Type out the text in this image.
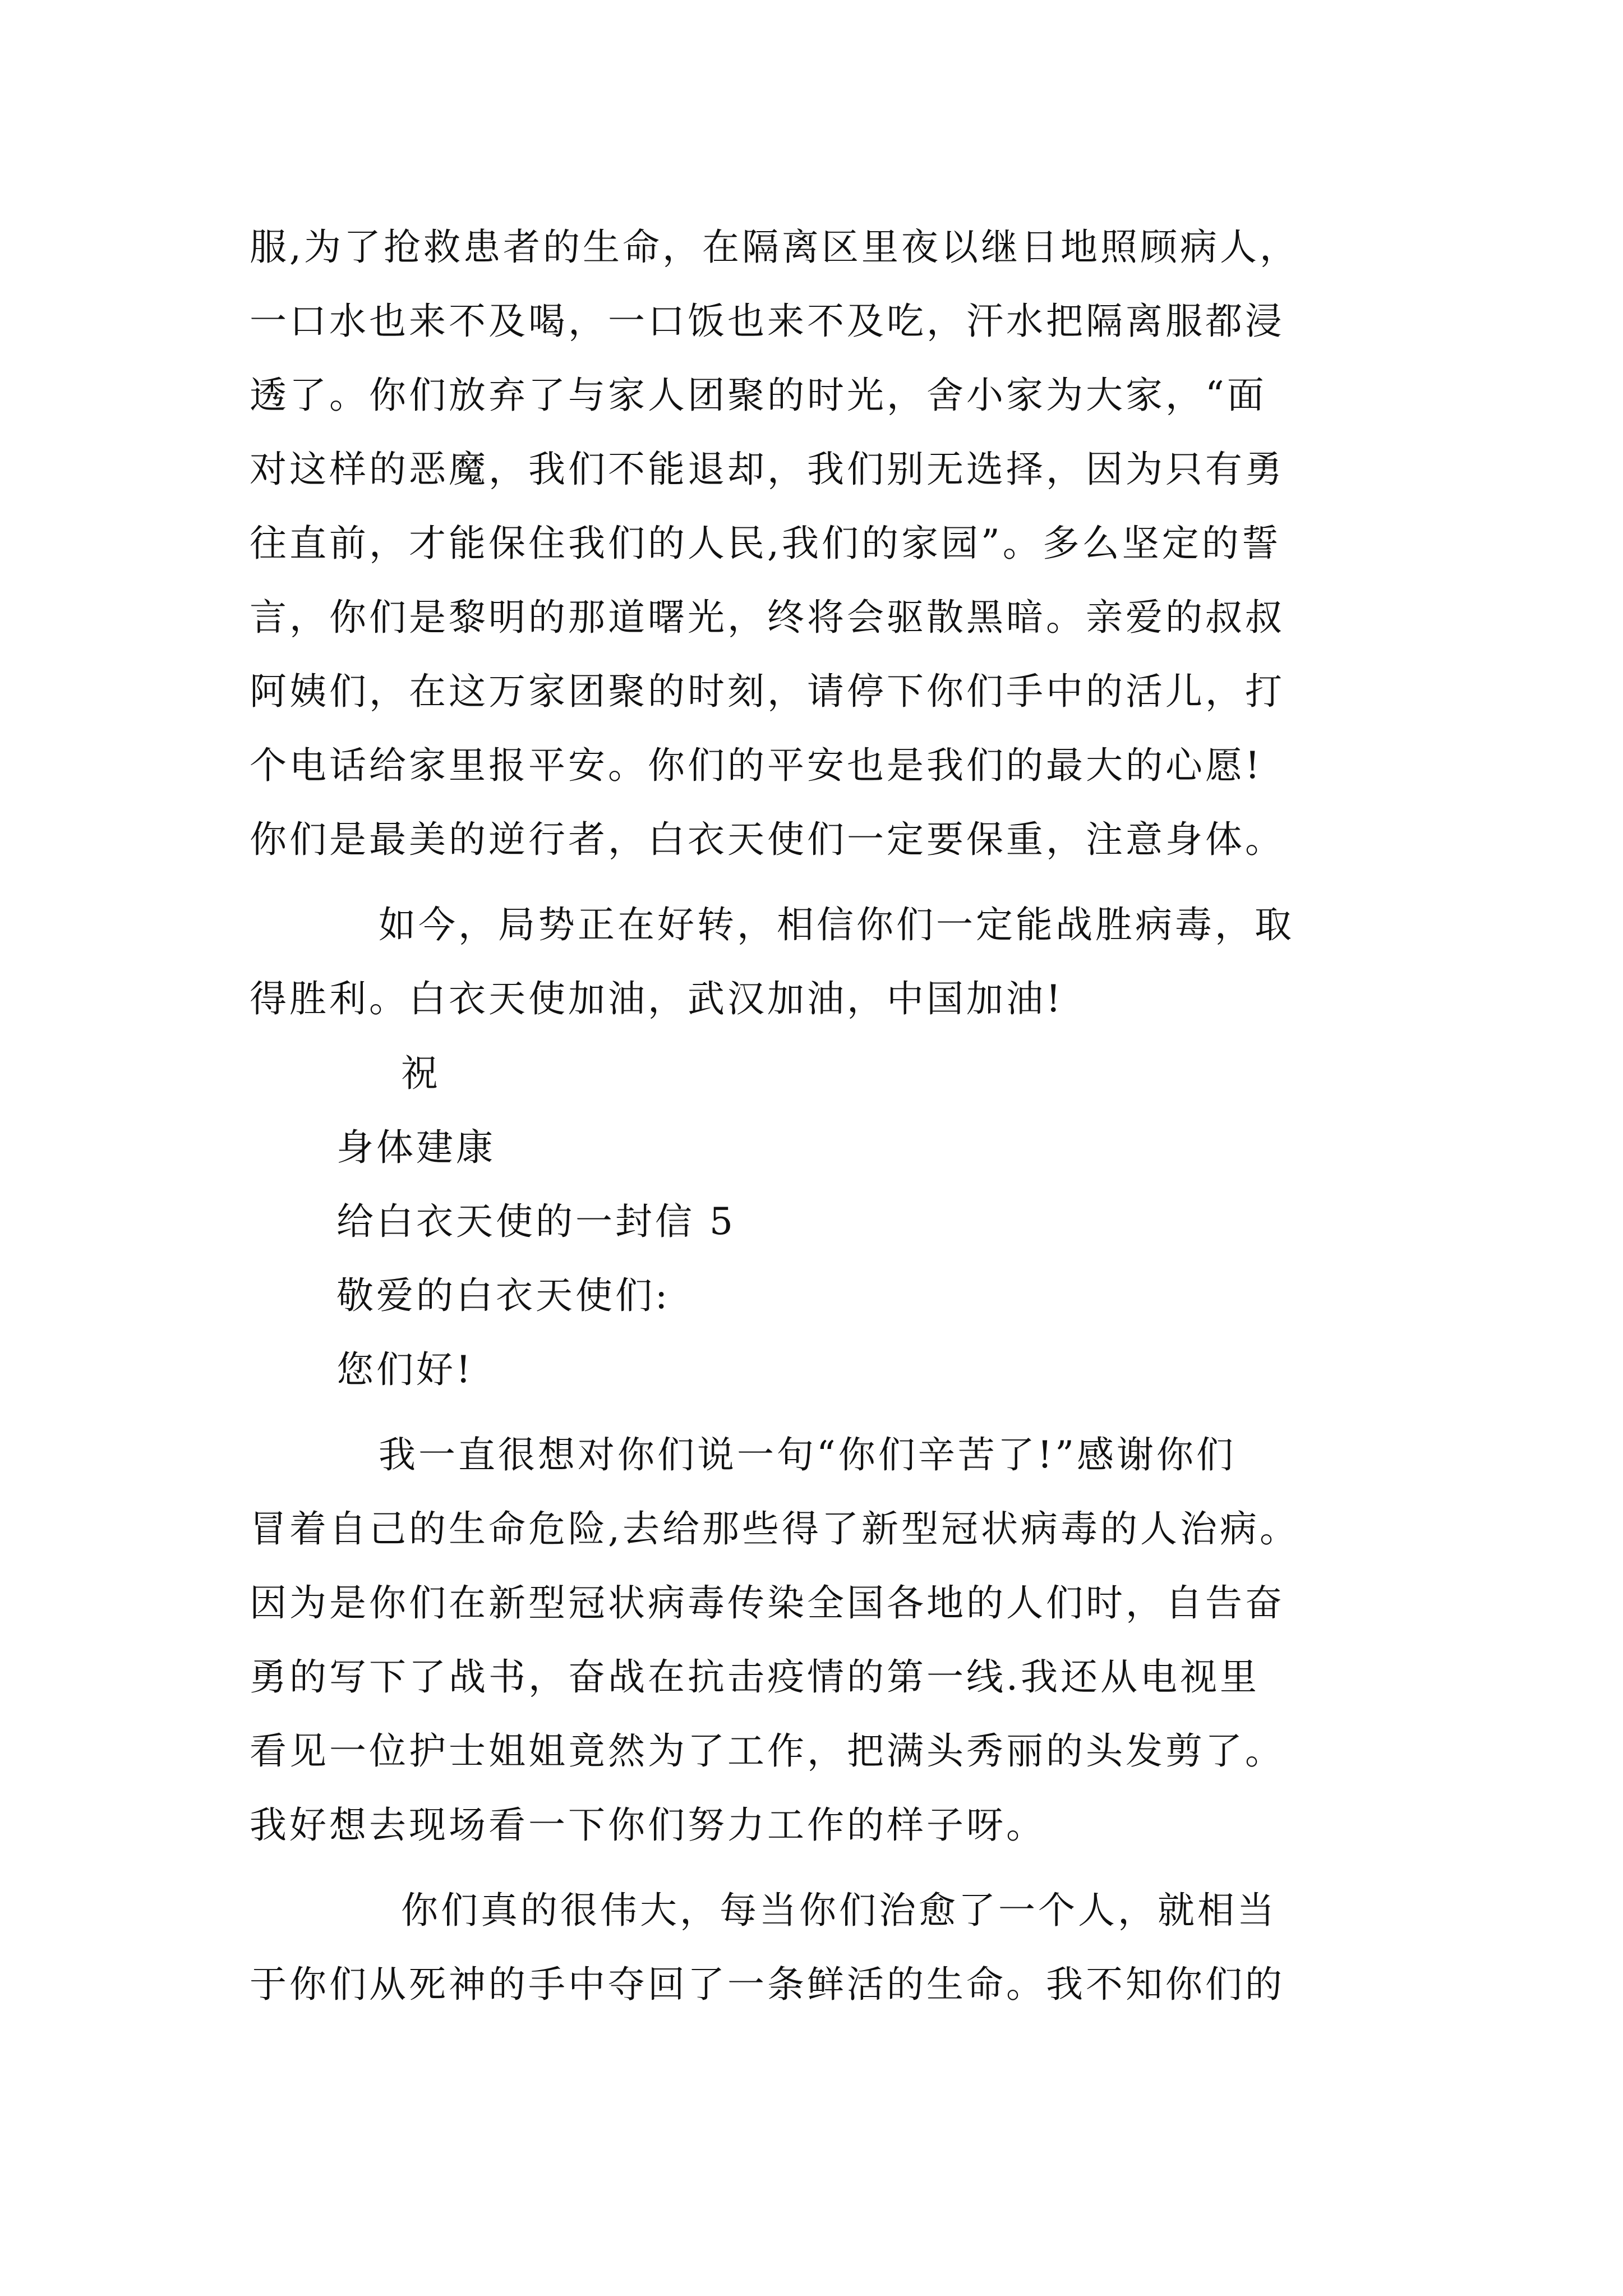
服,为了抢救患者的生命，在隔离区里夜以继日地照顾病人，
一口水也来不及喝，一口饭也来不及吃，汗水把隔离服都浸
透了。你们放弃了与家人团聚的时光，舍小家为大家，“面
对这样的恶魔，我们不能退却，我们别无选择，因为只有勇
往直前，才能保住我们的人民,我们的家园”。多么坚定的誓
言，你们是黎明的那道曙光，终将会驱散黑暗。亲爱的叔叔
阿姨们，在这万家团聚的时刻，请停下你们手中的活儿，打
个电话给家里报平安。你们的平安也是我们的最大的心愿!
你们是最美的逆行者，白衣天使们一定要保重，注意身体。
如今，局势正在好转，相信你们一定能战胜病毒，取
得胜利。白衣天使加油，武汉加油，中国加油!
祝
身体建康
给白衣天使的一封信 5
敬爱的白衣天使们:
您们好!
我一直很想对你们说一句“你们辛苦了!”感谢你们
冒着自己的生命危险,去给那些得了新型冠状病毒的人治病。
因为是你们在新型冠状病毒传染全国各地的人们时，自告奋
勇的写下了战书，奋战在抗击疫情的第一线.我还从电视里
看见一位护士姐姐竟然为了工作，把满头秀丽的头发剪了。
我好想去现场看一下你们努力工作的样子呀。
你们真的很伟大，每当你们治愈了一个人，就相当
于你们从死神的手中夺回了一条鲜活的生命。我不知你们的
